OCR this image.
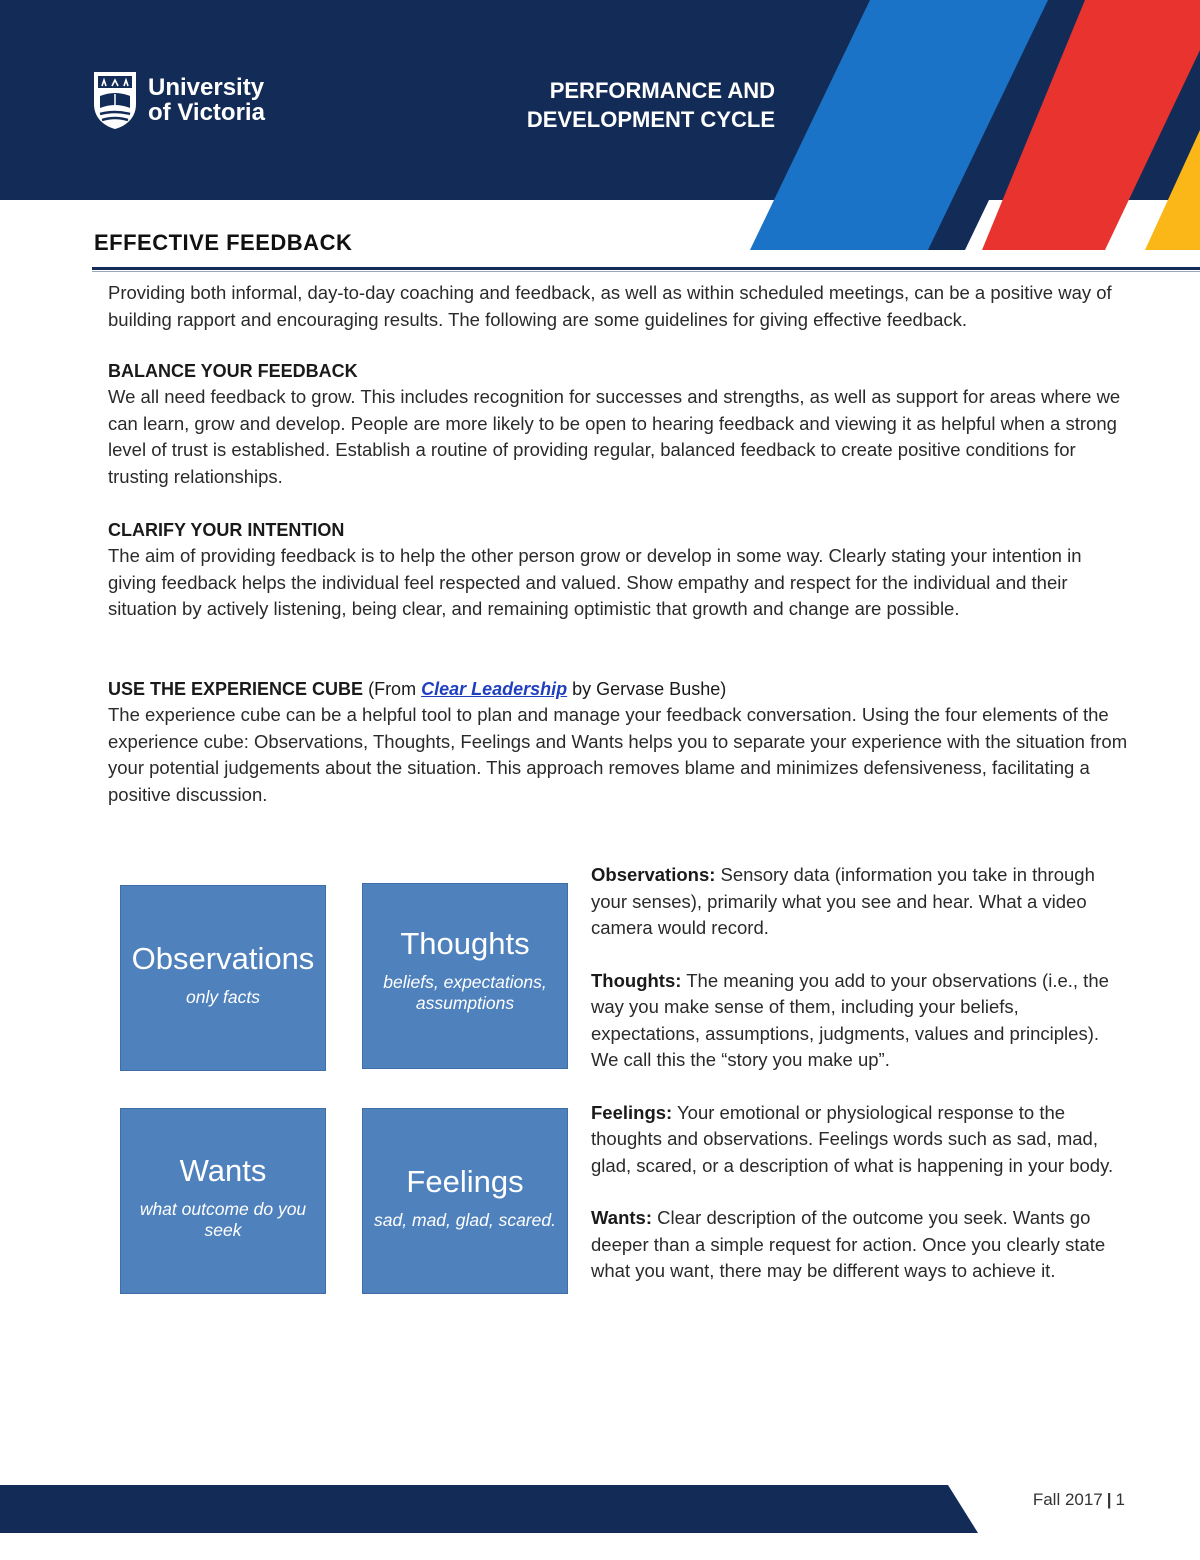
University
of Victoria
PERFORMANCE AND
DEVELOPMENT CYCLE
EFFECTIVE FEEDBACK
Providing both informal, day-to-day coaching and feedback, as well as within scheduled meetings, can be a positive way of building rapport and encouraging results. The following are some guidelines for giving effective feedback.
BALANCE YOUR FEEDBACK
We all need feedback to grow. This includes recognition for successes and strengths, as well as support for areas where we can learn, grow and develop. People are more likely to be open to hearing feedback and viewing it as helpful when a strong level of trust is established. Establish a routine of providing regular, balanced feedback to create positive conditions for trusting relationships.
CLARIFY YOUR INTENTION
The aim of providing feedback is to help the other person grow or develop in some way. Clearly stating your intention in giving feedback helps the individual feel respected and valued. Show empathy and respect for the individual and their situation by actively listening, being clear, and remaining optimistic that growth and change are possible.
USE THE EXPERIENCE CUBE (From Clear Leadership by Gervase Bushe)
The experience cube can be a helpful tool to plan and manage your feedback conversation. Using the four elements of the experience cube: Observations, Thoughts, Feelings and Wants helps you to separate your experience with the situation from your potential judgements about the situation. This approach removes blame and minimizes defensiveness, facilitating a positive discussion.
Observations
only facts
Thoughts
beliefs, expectations, assumptions
Wants
what outcome do you seek
Feelings
sad, mad, glad, scared.

Observations: Sensory data (information you take in through your senses), primarily what you see and hear. What a video camera would record.

Thoughts: The meaning you add to your observations (i.e., the way you make sense of them, including your beliefs, expectations, assumptions, judgments, values and principles). We call this the “story you make up”.

Feelings: Your emotional or physiological response to the thoughts and observations. Feelings words such as sad, mad, glad, scared, or a description of what is happening in your body.

Wants: Clear description of the outcome you seek. Wants go deeper than a simple request for action. Once you clearly state what you want, there may be different ways to achieve it.

Fall 2017 | 1
